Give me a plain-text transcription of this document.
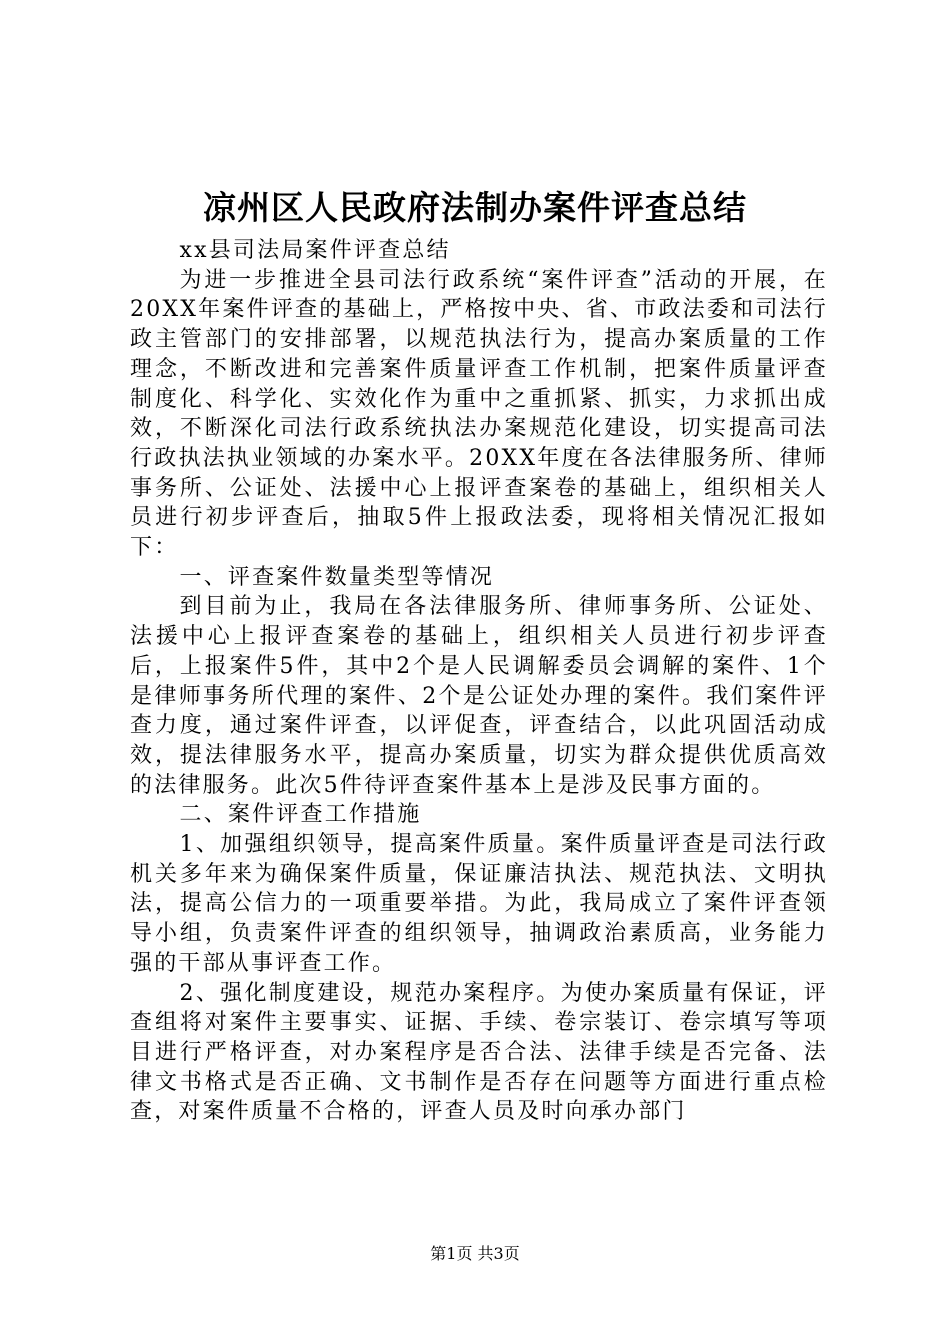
凉州区人民政府法制办案件评查总结

xx县司法局案件评查总结

为进一步推进全县司法行政系统“案件评查”活动的开展，在20XX年案件评查的基础上，严格按中央、省、市政法委和司法行政主管部门的安排部署，以规范执法行为，提高办案质量的工作理念，不断改进和完善案件质量评查工作机制，把案件质量评查制度化、科学化、实效化作为重中之重抓紧、抓实，力求抓出成效，不断深化司法行政系统执法办案规范化建设，切实提高司法行政执法执业领域的办案水平。20XX年度在各法律服务所、律师事务所、公证处、法援中心上报评查案卷的基础上，组织相关人员进行初步评查后，抽取5件上报政法委，现将相关情况汇报如下：

一、评查案件数量类型等情况

到目前为止，我局在各法律服务所、律师事务所、公证处、法援中心上报评查案卷的基础上，组织相关人员进行初步评查后，上报案件5件，其中2个是人民调解委员会调解的案件、1个是律师事务所代理的案件、2个是公证处办理的案件。我们案件评查力度，通过案件评查，以评促查，评查结合，以此巩固活动成效，提法律服务水平，提高办案质量，切实为群众提供优质高效的法律服务。此次5件待评查案件基本上是涉及民事方面的。

二、案件评查工作措施

1、加强组织领导，提高案件质量。案件质量评查是司法行政机关多年来为确保案件质量，保证廉洁执法、规范执法、文明执法，提高公信力的一项重要举措。为此，我局成立了案件评查领导小组，负责案件评查的组织领导，抽调政治素质高，业务能力强的干部从事评查工作。

2、强化制度建设，规范办案程序。为使办案质量有保证，评查组将对案件主要事实、证据、手续、卷宗装订、卷宗填写等项目进行严格评查，对办案程序是否合法、法律手续是否完备、法律文书格式是否正确、文书制作是否存在问题等方面进行重点检查，对案件质量不合格的，评查人员及时向承办部门

第1页 共3页
